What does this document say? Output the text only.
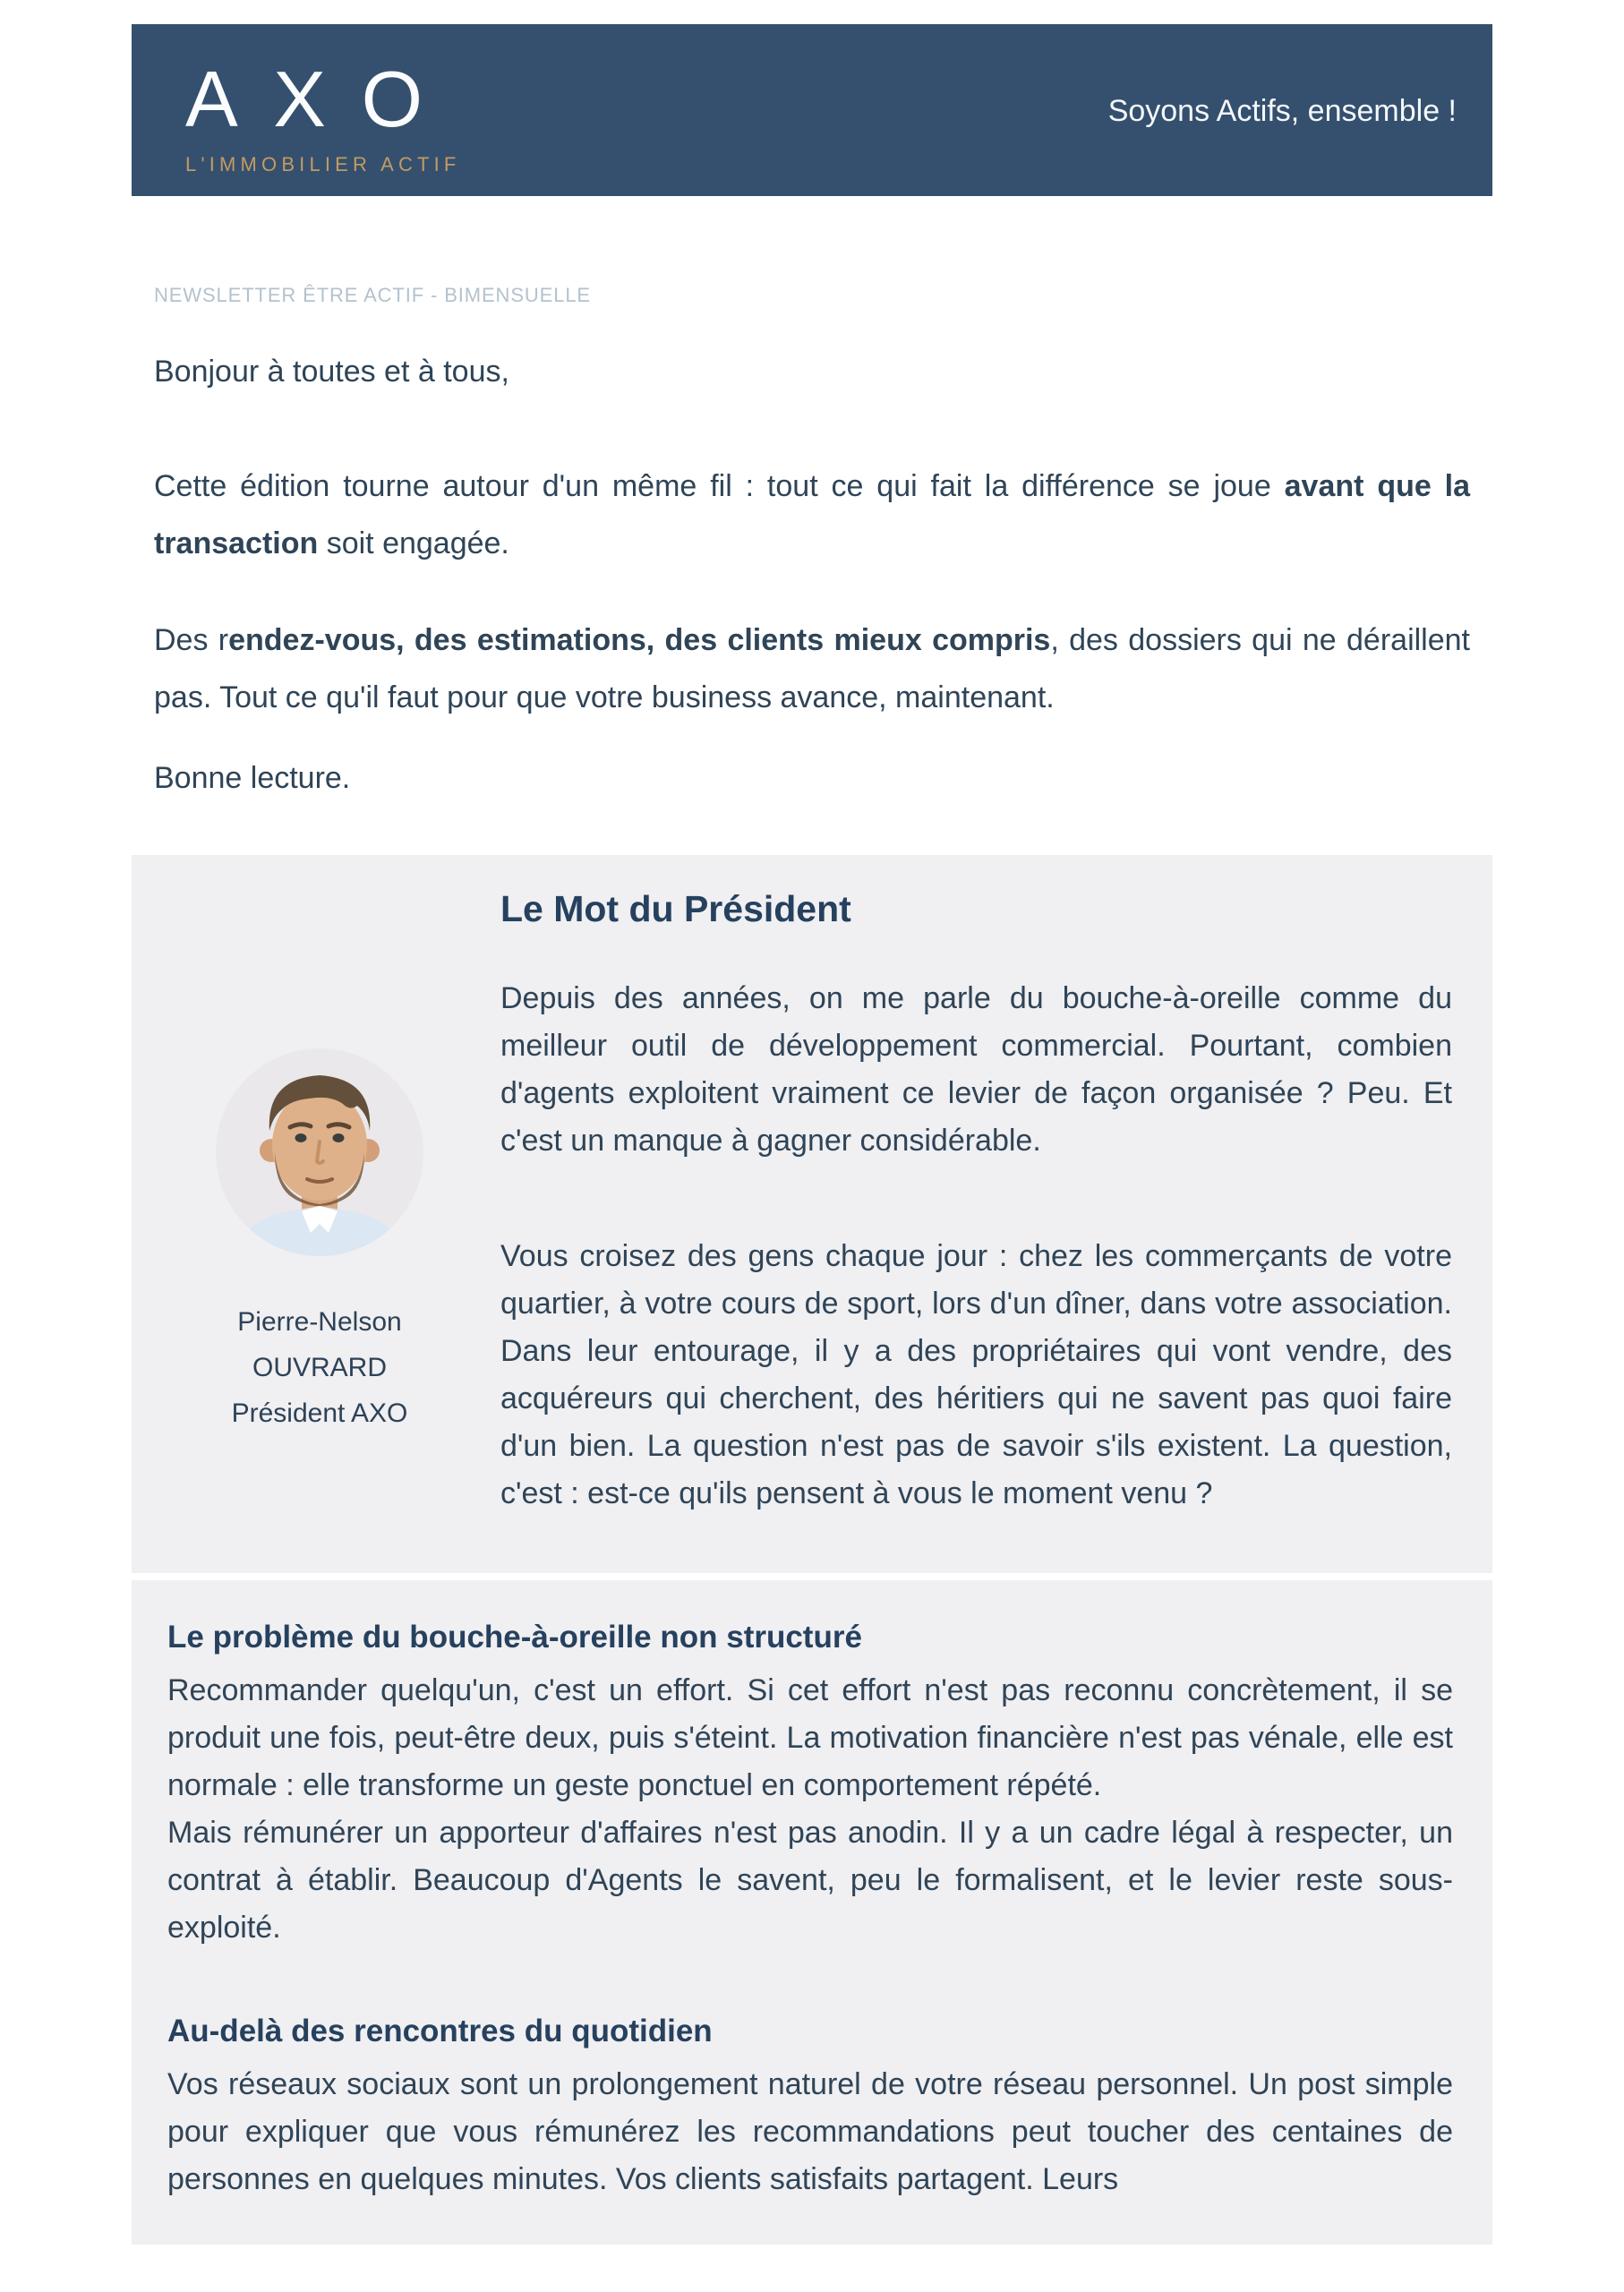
AXO
L'IMMOBILIER ACTIF
Soyons Actifs, ensemble !
NEWSLETTER ÊTRE ACTIF - BIMENSUELLE
Bonjour à toutes et à tous,

Cette édition tourne autour d'un même fil : tout ce qui fait la différence se joue avant que la transaction soit engagée.

Des rendez-vous, des estimations, des clients mieux compris, des dossiers qui ne déraillent pas. Tout ce qu'il faut pour que votre business avance, maintenant.

Bonne lecture.
Pierre-Nelson
OUVRARD
Président AXO
Le Mot du Président

Depuis des années, on me parle du bouche-à-oreille comme du meilleur outil de développement commercial. Pourtant, combien d'agents exploitent vraiment ce levier de façon organisée ? Peu. Et c'est un manque à gagner considérable.

Vous croisez des gens chaque jour : chez les commerçants de votre quartier, à votre cours de sport, lors d'un dîner, dans votre association. Dans leur entourage, il y a des propriétaires qui vont vendre, des acquéreurs qui cherchent, des héritiers qui ne savent pas quoi faire d'un bien. La question n'est pas de savoir s'ils existent. La question, c'est : est-ce qu'ils pensent à vous le moment venu ?

Le problème du bouche-à-oreille non structuré

Recommander quelqu'un, c'est un effort. Si cet effort n'est pas reconnu concrètement, il se produit une fois, peut-être deux, puis s'éteint. La motivation financière n'est pas vénale, elle est normale : elle transforme un geste ponctuel en comportement répété.

Mais rémunérer un apporteur d'affaires n'est pas anodin. Il y a un cadre légal à respecter, un contrat à établir. Beaucoup d'Agents le savent, peu le formalisent, et le levier reste sous-exploité.

Au-delà des rencontres du quotidien

Vos réseaux sociaux sont un prolongement naturel de votre réseau personnel. Un post simple pour expliquer que vous rémunérez les recommandations peut toucher des centaines de personnes en quelques minutes. Vos clients satisfaits partagent. Leurs
